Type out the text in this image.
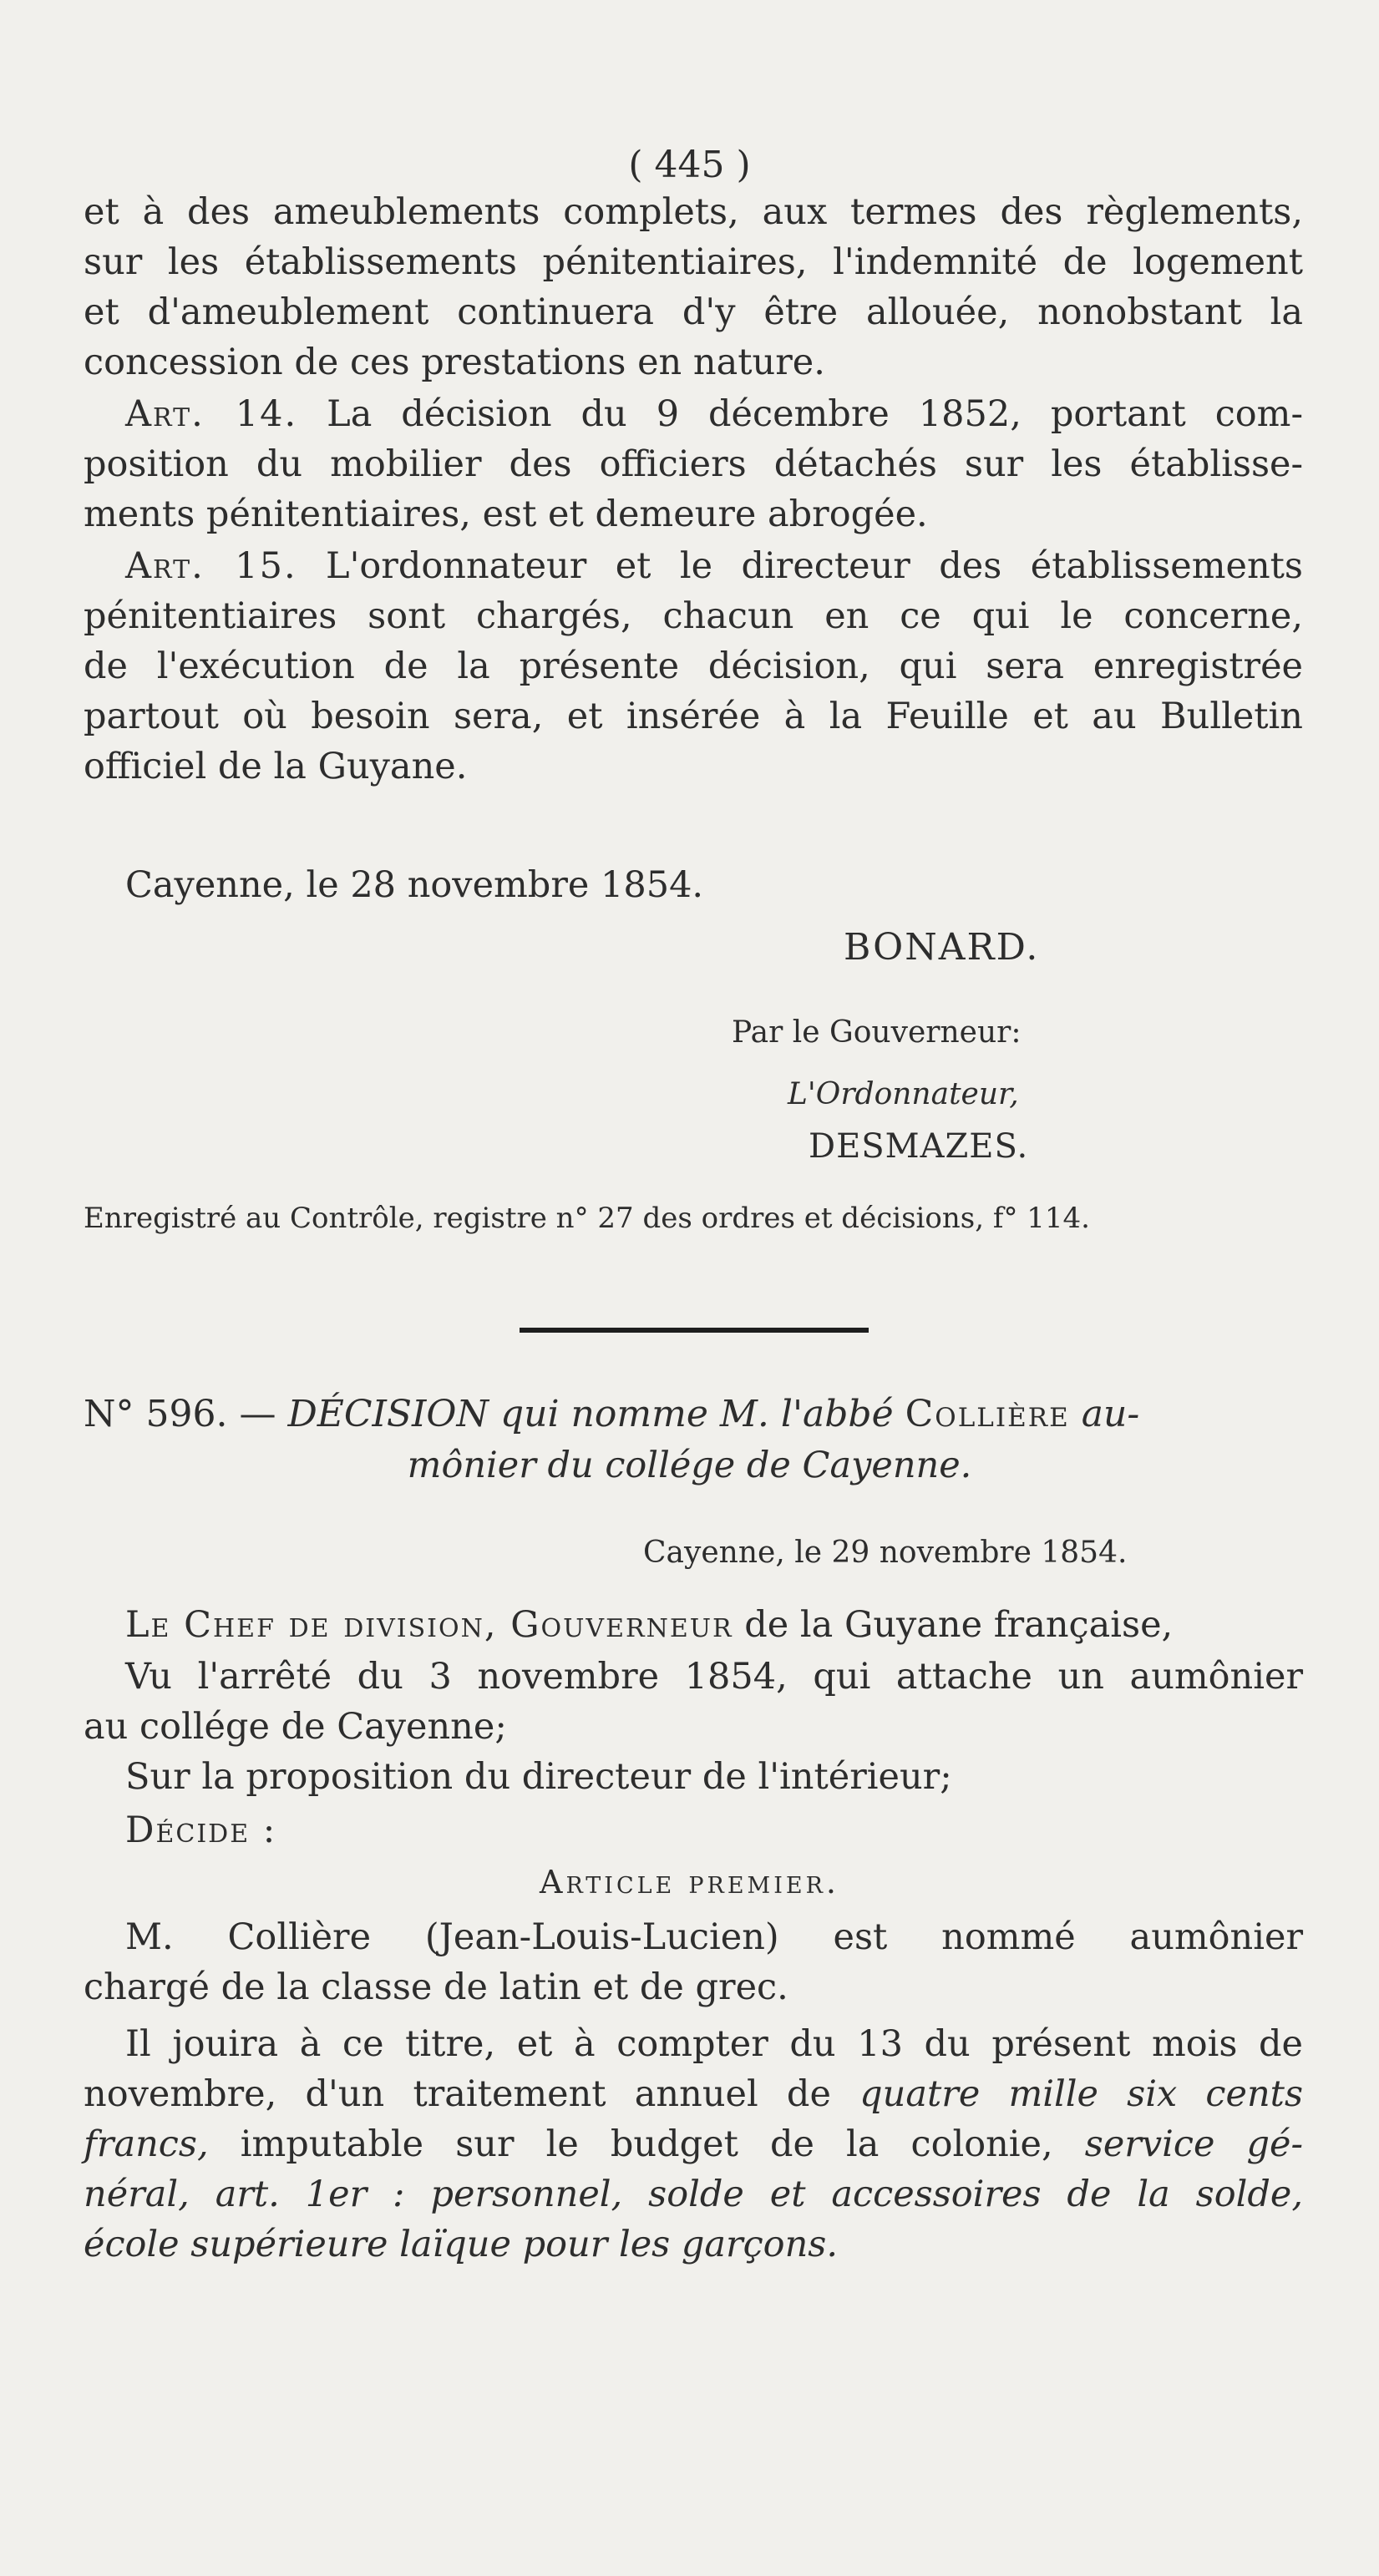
( 445 )
et à des ameublements complets, aux termes des règlements,
sur les établissements pénitentiaires, l'indemnité de logement
et d'ameublement continuera d'y être allouée, nonobstant la
concession de ces prestations en nature.
Art. 14. La décision du 9 décembre 1852, portant com-
position du mobilier des officiers détachés sur les établisse-
ments pénitentiaires, est et demeure abrogée.
Art. 15. L'ordonnateur et le directeur des établissements
pénitentiaires sont chargés, chacun en ce qui le concerne,
de l'exécution de la présente décision, qui sera enregistrée
partout où besoin sera, et insérée à la Feuille et au Bulletin
officiel de la Guyane.
Cayenne, le 28 novembre 1854.
BONARD.
Par le Gouverneur:
L'Ordonnateur,
DESMAZES.
Enregistré au Contrôle, registre n° 27 des ordres et décisions, f° 114.
N° 596. — DÉCISION qui nomme M. l'abbé Collière au-
mônier du collége de Cayenne.
Cayenne, le 29 novembre 1854.
Le Chef de division, Gouverneur de la Guyane française,
Vu l'arrêté du 3 novembre 1854, qui attache un aumônier
au collége de Cayenne;
Sur la proposition du directeur de l'intérieur;
Décide :
Article premier.
M. Collière (Jean-Louis-Lucien) est nommé aumônier
chargé de la classe de latin et de grec.
Il jouira à ce titre, et à compter du 13 du présent mois de
novembre, d'un traitement annuel de quatre mille six cents
francs, imputable sur le budget de la colonie, service gé-
néral, art. 1er : personnel, solde et accessoires de la solde,
école supérieure laïque pour les garçons.
